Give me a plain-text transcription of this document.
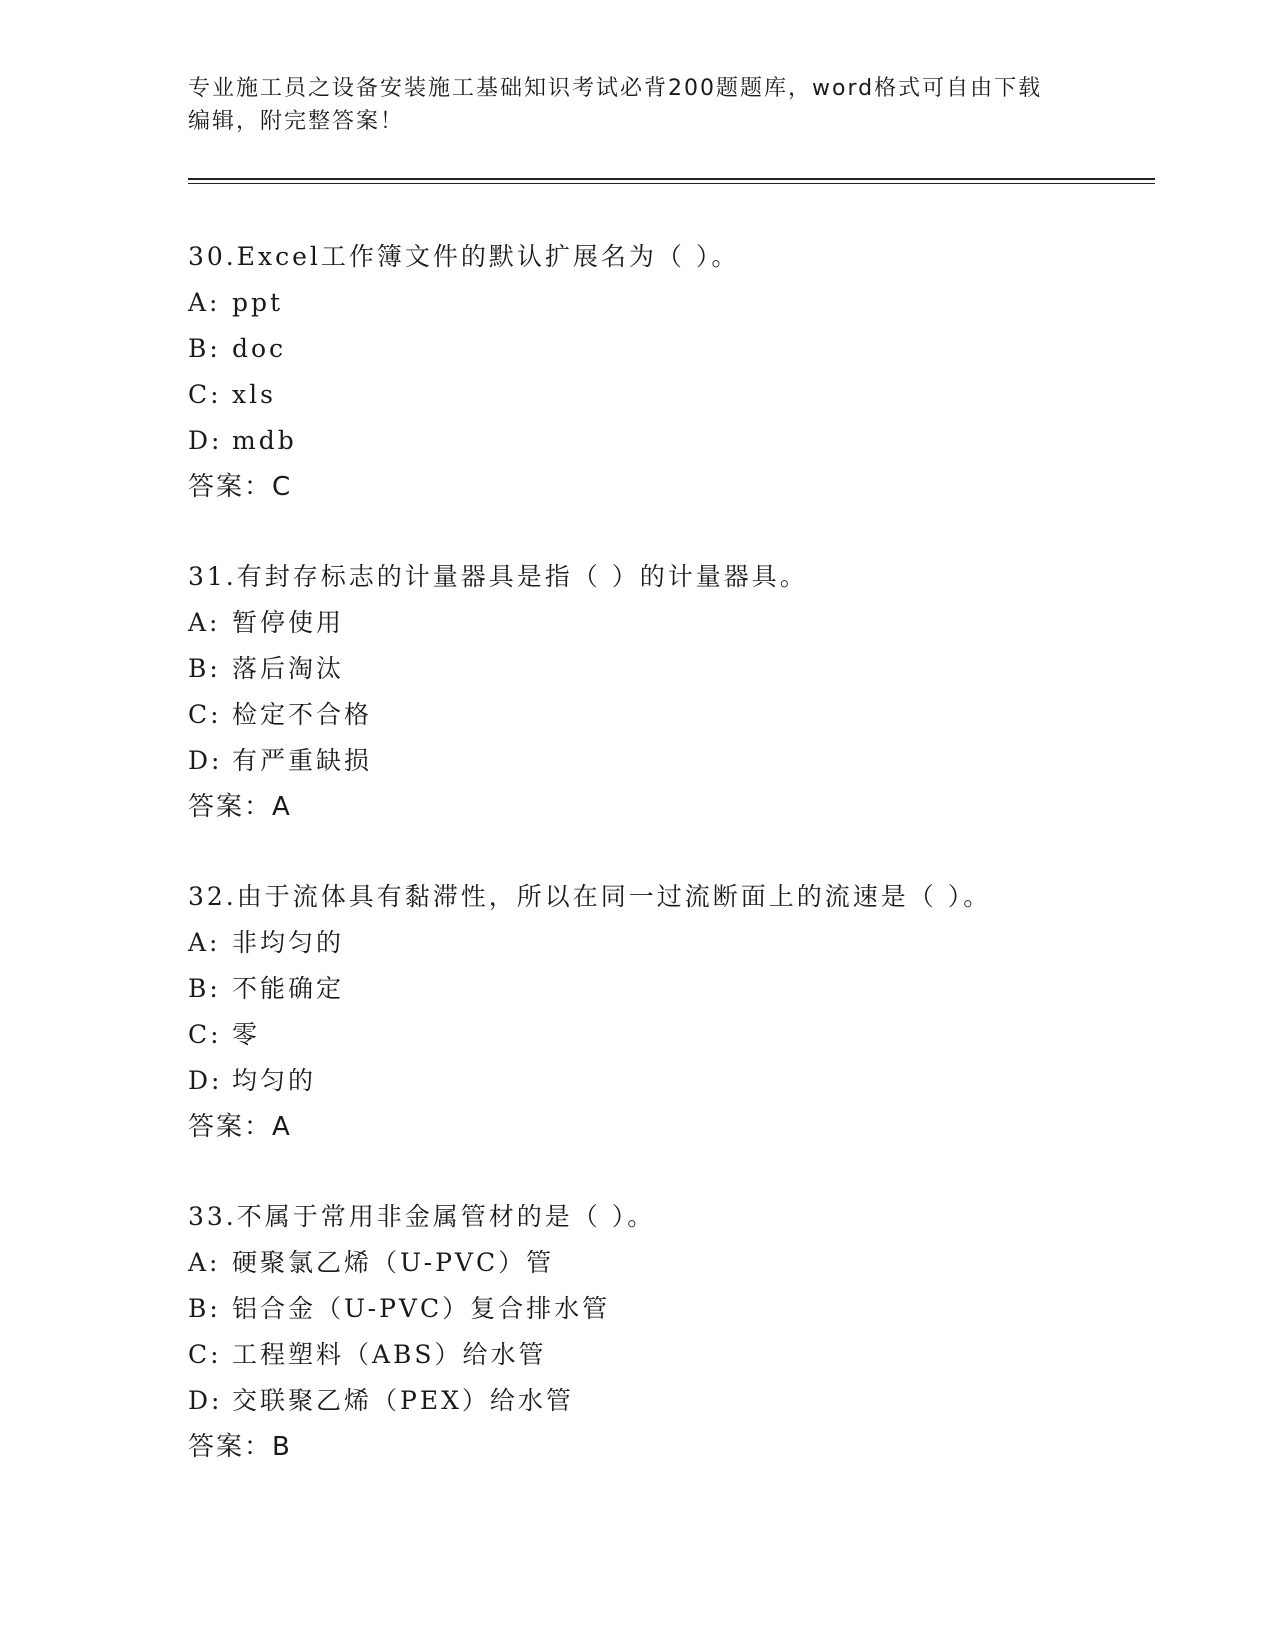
专业施工员之设备安装施工基础知识考试必背200题题库，word格式可自由下载
编辑，附完整答案！
30.Excel工作簿文件的默认扩展名为（ ）。
A: ppt
B: doc
C: xls
D: mdb
答案：C
31.有封存标志的计量器具是指（ ）的计量器具。
A: 暂停使用
B: 落后淘汰
C: 检定不合格
D: 有严重缺损
答案：A
32.由于流体具有黏滞性，所以在同一过流断面上的流速是（ ）。
A: 非均匀的
B: 不能确定
C: 零
D: 均匀的
答案：A
33.不属于常用非金属管材的是（ ）。
A: 硬聚氯乙烯（U-PVC）管
B: 铝合金（U-PVC）复合排水管
C: 工程塑料（ABS）给水管
D: 交联聚乙烯（PEX）给水管
答案：B
